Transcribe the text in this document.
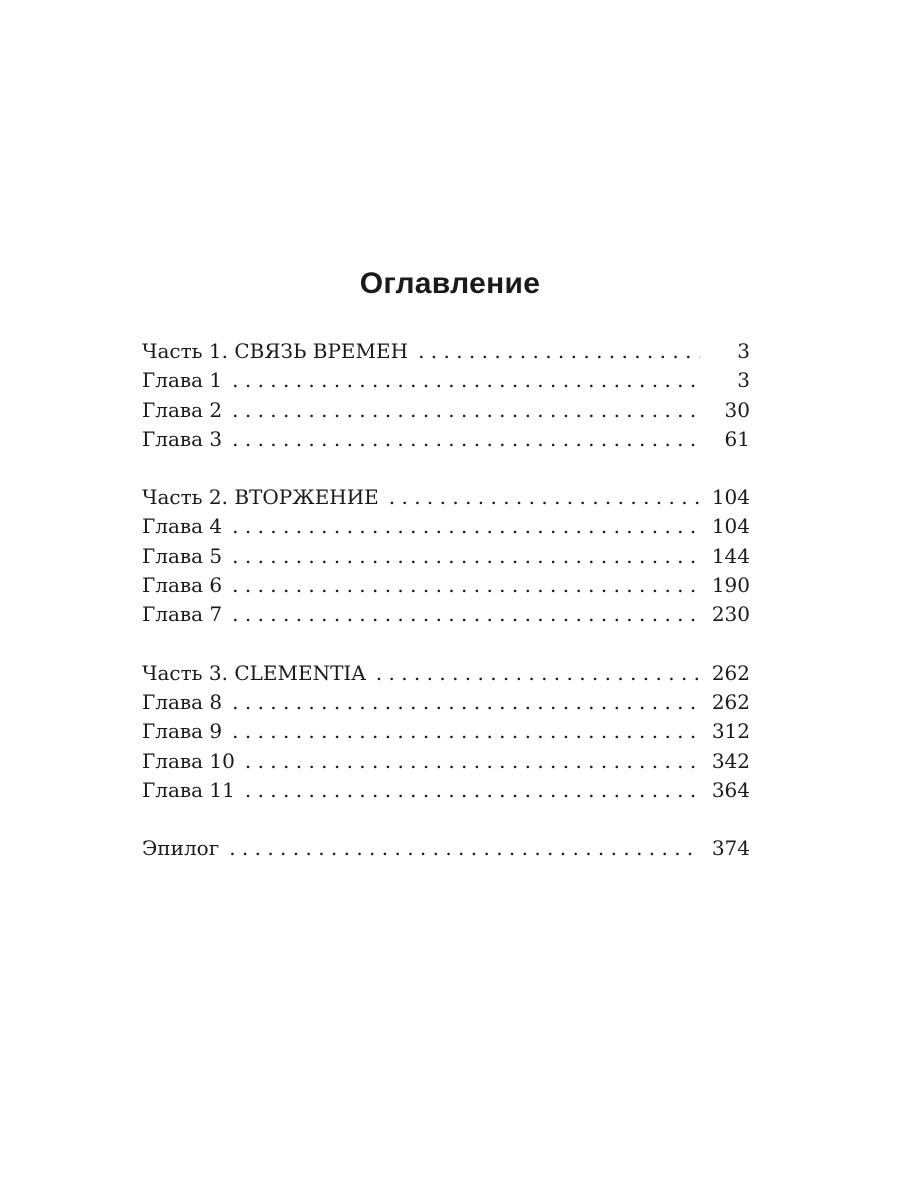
Оглавление
Часть 1. СВЯЗЬ ВРЕМЕН . . .	3
Глава 1 . . .	3
Глава 2 . . .	30
Глава 3 . . .	61
Часть 2. ВТОРЖЕНИЕ . . .	104
Глава 4 . . .	104
Глава 5 . . .	144
Глава 6 . . .	190
Глава 7 . . .	230
Часть 3. CLEMENTIA . . .	262
Глава 8 . . .	262
Глава 9 . . .	312
Глава 10 . . .	342
Глава 11 . . .	364
Эпилог . . .	374
